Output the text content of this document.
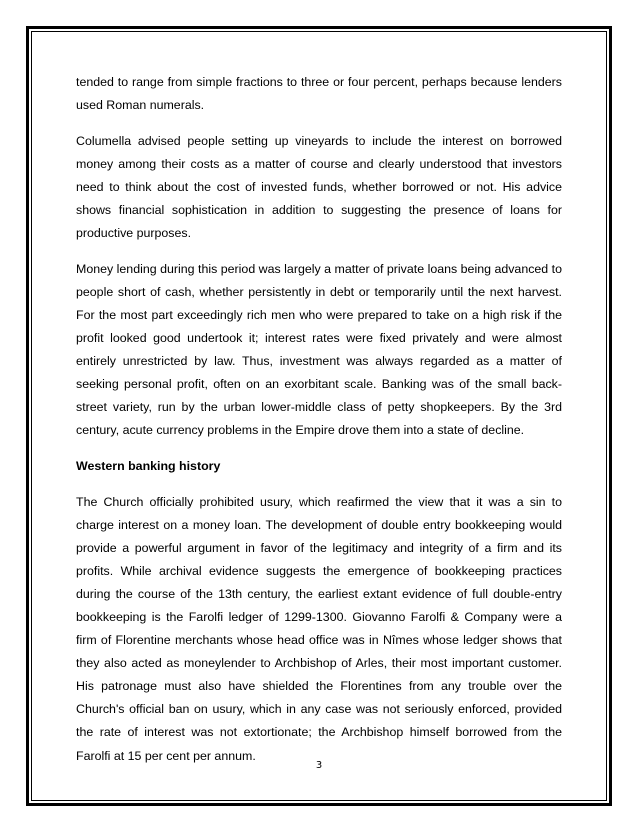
tended to range from simple fractions to three or four percent, perhaps because lenders used Roman numerals.

Columella advised people setting up vineyards to include the interest on borrowed money among their costs as a matter of course and clearly understood that investors need to think about the cost of invested funds, whether borrowed or not. His advice shows financial sophistication in addition to suggesting the presence of loans for productive purposes.

Money lending during this period was largely a matter of private loans being advanced to people short of cash, whether persistently in debt or temporarily until the next harvest. For the most part exceedingly rich men who were prepared to take on a high risk if the profit looked good undertook it; interest rates were fixed privately and were almost entirely unrestricted by law. Thus, investment was always regarded as a matter of seeking personal profit, often on an exorbitant scale. Banking was of the small back-street variety, run by the urban lower-middle class of petty shopkeepers. By the 3rd century, acute currency problems in the Empire drove them into a state of decline.

Western banking history

The Church officially prohibited usury, which reafirmed the view that it was a sin to charge interest on a money loan. The development of double entry bookkeeping would provide a powerful argument in favor of the legitimacy and integrity of a firm and its profits. While archival evidence suggests the emergence of bookkeeping practices during the course of the 13th century, the earliest extant evidence of full double-entry bookkeeping is the Farolfi ledger of 1299-1300. Giovanno Farolfi & Company were a firm of Florentine merchants whose head office was in Nîmes whose ledger shows that they also acted as moneylender to Archbishop of Arles, their most important customer. His patronage must also have shielded the Florentines from any trouble over the Church's official ban on usury, which in any case was not seriously enforced, provided the rate of interest was not extortionate; the Archbishop himself borrowed from the Farolfi at 15 per cent per annum.

3
